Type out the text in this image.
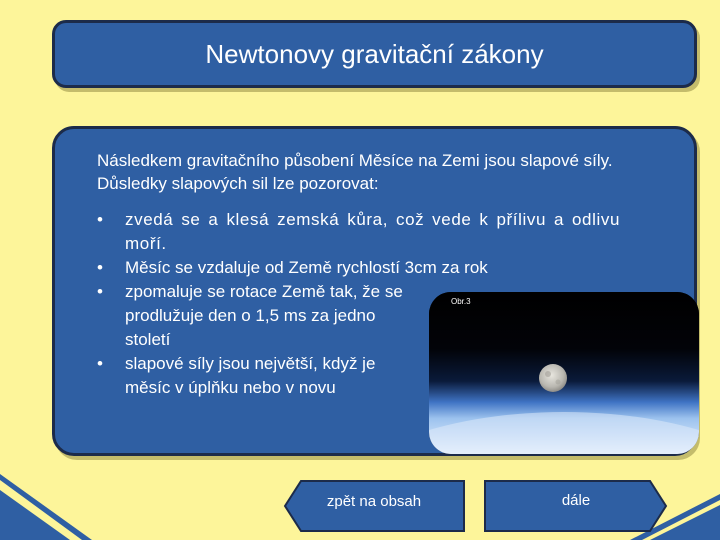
Newtonovy gravitační zákony

Následkem gravitačního působení Měsíce na Zemi jsou slapové síly. Důsledky slapových sil lze pozorovat:

• zvedá se a klesá zemská kůra, což vede k přílivu a odlivu moří.
• Měsíc se vzdaluje od Země rychlostí 3cm za rok
• zpomaluje se rotace Země tak, že se prodlužuje den o 1,5 ms za jedno století
• slapové síly jsou největší, když je měsíc v úplňku nebo v novu
Obr.3
zpět na obsah	dále
